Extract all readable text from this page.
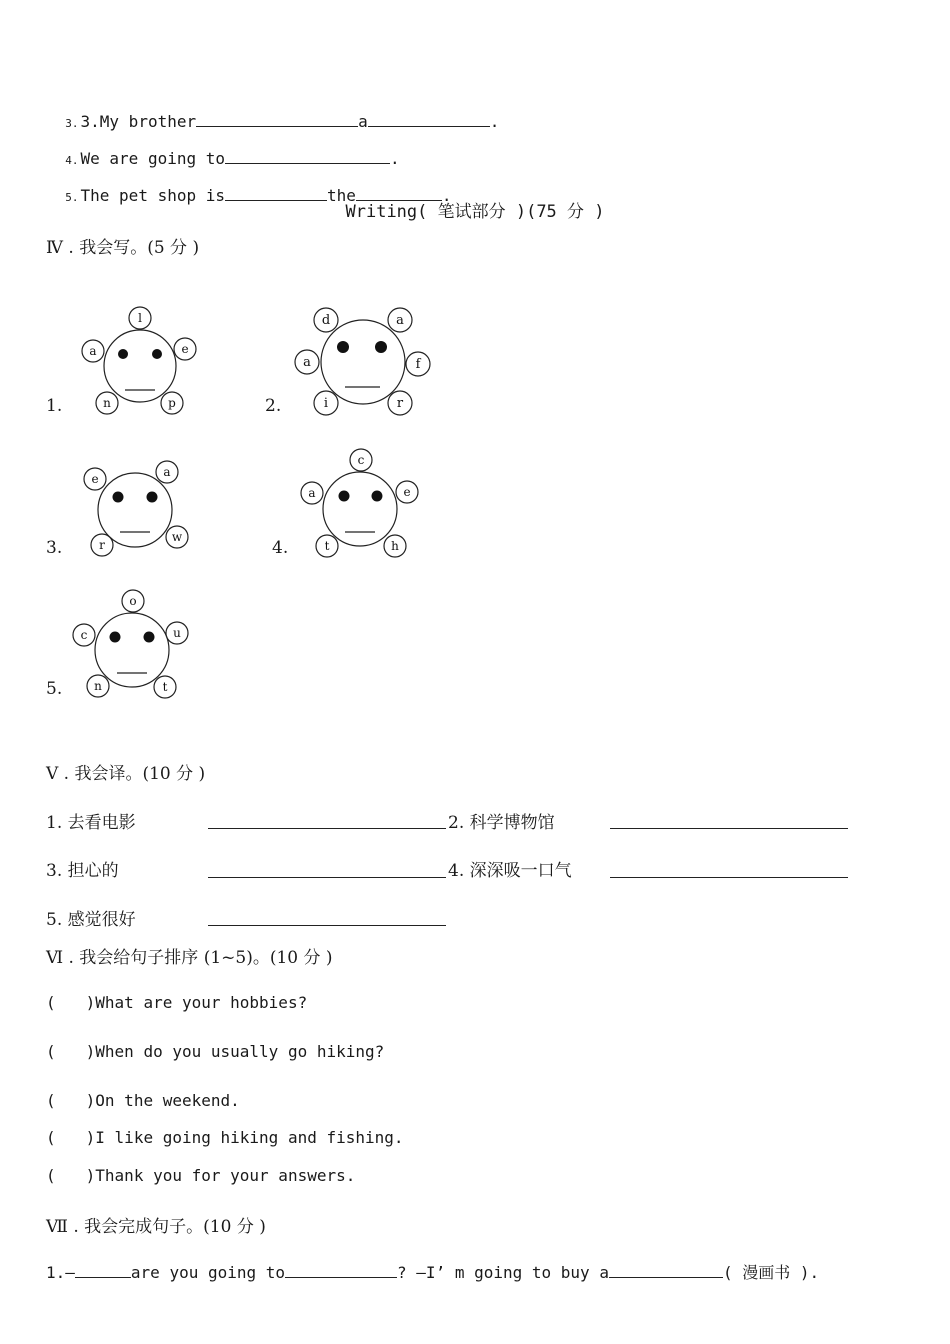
3. 3.My brother	a	.

4. We are going to	.

5. The pet shop is	the	.

Writing( 笔试部分 )(75 分 )
Ⅳ . 我会写。(5 分 )
1.
l
a	e
n	p	2.
d	a
a	f
i	r
3.
e	a
r
w
4.
c
a	e
t	h
5.
o
c	u
n	t
Ⅴ . 我会译。(10 分 )
1. 去看电影	2. 科学博物馆
3. 担心的	4. 深深吸一口气
5. 感觉很好
Ⅵ . 我会给句子排序 (1~5)。(10 分 )
( )What are your hobbies?
( )When do you usually go hiking?
( )On the weekend.
( )I like going hiking and fishing.
( )Thank you for your answers.
Ⅶ . 我会完成句子。(10 分 )
1.—	are you going to	? —I’ m going to buy a	( 漫画书 ).
